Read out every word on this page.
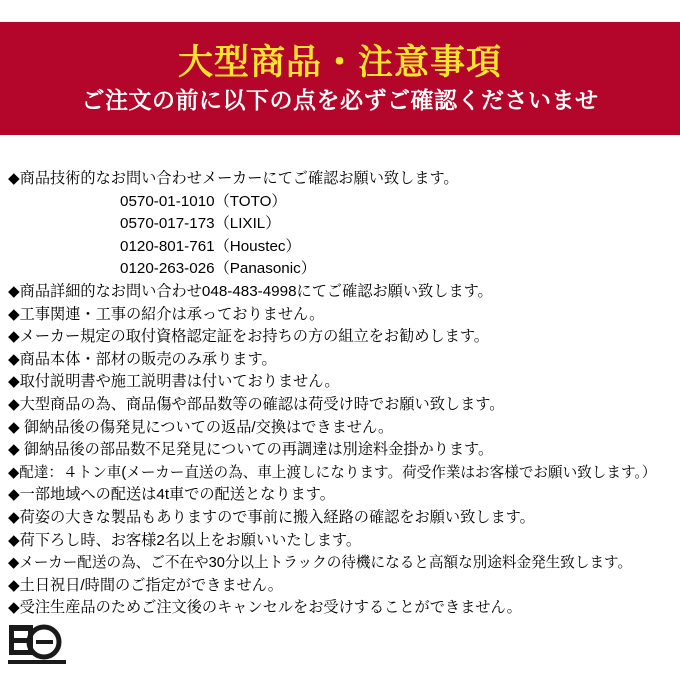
大型商品・注意事項
ご注文の前に以下の点を必ずご確認くださいませ
◆商品技術的なお問い合わせメーカーにてご確認お願い致します。
0570-01-1010（TOTO）
0570-017-173（LIXIL）
0120-801-761（Houstec）
0120-263-026（Panasonic）
◆商品詳細的なお問い合わせ048-483-4998にてご確認お願い致します。
◆工事関連・工事の紹介は承っておりません。
◆メーカー規定の取付資格認定証をお持ちの方の組立をお勧めします。
◆商品本体・部材の販売のみ承ります。
◆取付説明書や施工説明書は付いておりません。
◆大型商品の為、商品傷や部品数等の確認は荷受け時でお願い致します。
◆ 御納品後の傷発見についての返品/交換はできません。
◆ 御納品後の部品数不足発見についての再調達は別途料金掛かります。
◆配達：４トン車(メーカー直送の為、車上渡しになります。荷受作業はお客様でお願い致します。）
◆一部地域への配送は4t車での配送となります。
◆荷姿の大きな製品もありますので事前に搬入経路の確認をお願い致します。
◆荷下ろし時、お客様2名以上をお願いいたします。
◆メーカー配送の為、ご不在や30分以上トラックの待機になると高額な別途料金発生致します。
◆土日祝日/時間のご指定ができません。
◆受注生産品のためご注文後のキャンセルをお受けすることができません。
